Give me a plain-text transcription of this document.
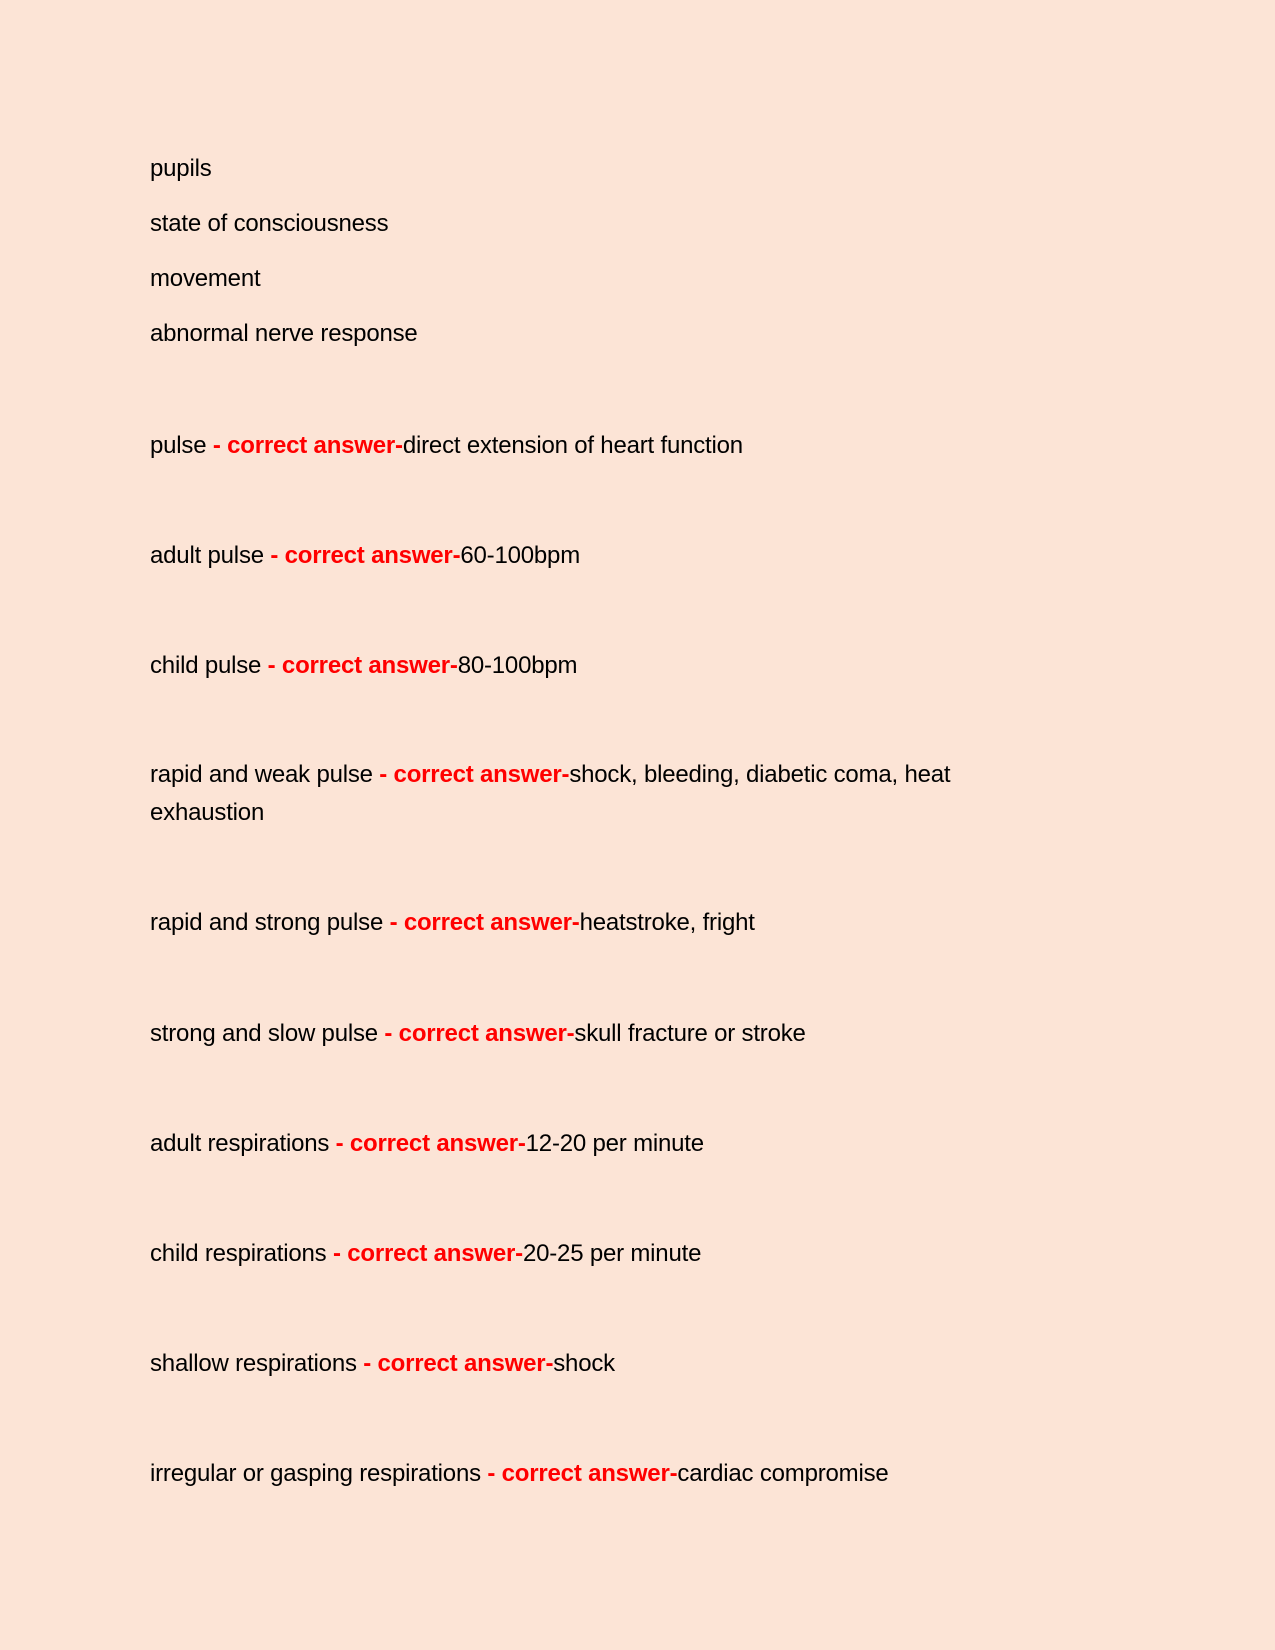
pupils
state of consciousness
movement
abnormal nerve response
pulse - correct answer-direct extension of heart function
adult pulse - correct answer-60-100bpm
child pulse - correct answer-80-100bpm
rapid and weak pulse - correct answer-shock, bleeding, diabetic coma, heat exhaustion
rapid and strong pulse - correct answer-heatstroke, fright
strong and slow pulse - correct answer-skull fracture or stroke
adult respirations - correct answer-12-20 per minute
child respirations - correct answer-20-25 per minute
shallow respirations - correct answer-shock
irregular or gasping respirations - correct answer-cardiac compromise
